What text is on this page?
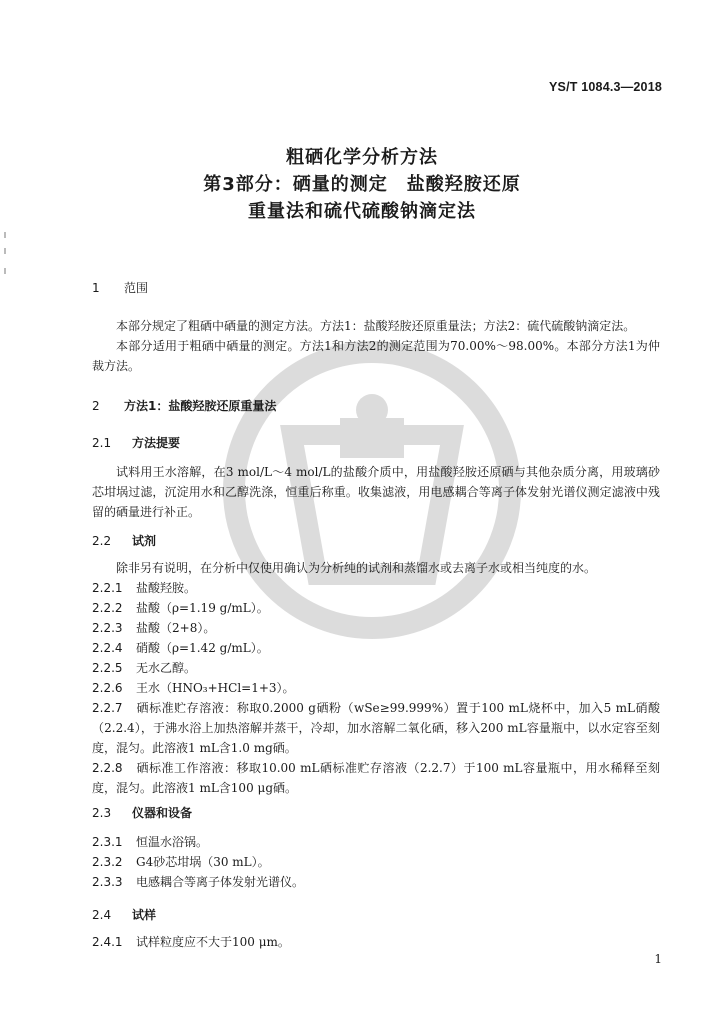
YS/T 1084.3—2018
粗硒化学分析方法
第3部分：硒量的测定　盐酸羟胺还原
重量法和硫代硫酸钠滴定法
1 范围
本部分规定了粗硒中硒量的测定方法。方法1：盐酸羟胺还原重量法；方法2：硫代硫酸钠滴定法。
本部分适用于粗硒中硒量的测定。方法1和方法2的测定范围为70.00%～98.00%。本部分方法1为仲裁方法。
2 方法1：盐酸羟胺还原重量法
2.1 方法提要
试料用王水溶解，在3 mol/L～4 mol/L的盐酸介质中，用盐酸羟胺还原硒与其他杂质分离，用玻璃砂芯坩埚过滤，沉淀用水和乙醇洗涤，恒重后称重。收集滤液，用电感耦合等离子体发射光谱仪测定滤液中残留的硒量进行补正。
2.2 试剂
除非另有说明，在分析中仅使用确认为分析纯的试剂和蒸馏水或去离子水或相当纯度的水。
2.2.1 盐酸羟胺。
2.2.2 盐酸（ρ=1.19 g/mL）。
2.2.3 盐酸（2+8）。
2.2.4 硝酸（ρ=1.42 g/mL）。
2.2.5 无水乙醇。
2.2.6 王水（HNO₃+HCl=1+3）。
2.2.7 硒标准贮存溶液：称取0.2000 g硒粉（wSe≥99.999%）置于100 mL烧杯中，加入5 mL硝酸（2.2.4），于沸水浴上加热溶解并蒸干，冷却，加水溶解二氧化硒，移入200 mL容量瓶中，以水定容至刻度，混匀。此溶液1 mL含1.0 mg硒。
2.2.8 硒标准工作溶液：移取10.00 mL硒标准贮存溶液（2.2.7）于100 mL容量瓶中，用水稀释至刻度，混匀。此溶液1 mL含100 μg硒。
2.3 仪器和设备
2.3.1 恒温水浴锅。
2.3.2 G4砂芯坩埚（30 mL）。
2.3.3 电感耦合等离子体发射光谱仪。
2.4 试样
2.4.1 试样粒度应不大于100 μm。
1
